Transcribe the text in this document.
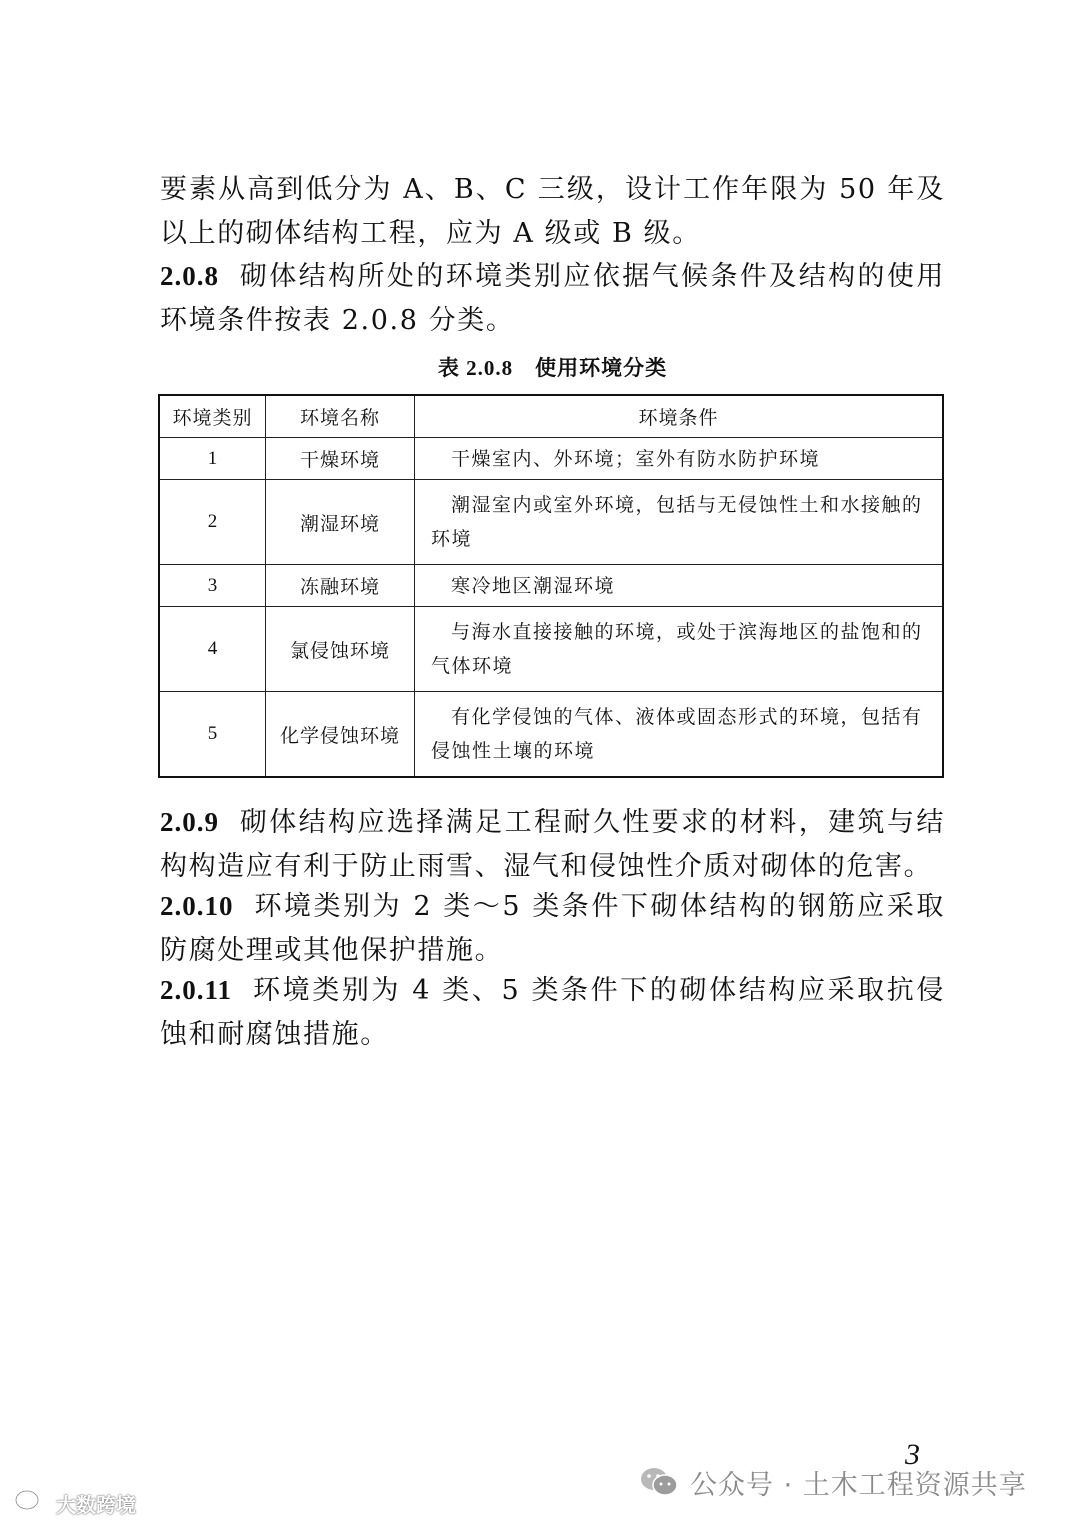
要素从高到低分为 A、B、C 三级，设计工作年限为 50 年及以上的砌体结构工程，应为 A 级或 B 级。

2.0.8 砌体结构所处的环境类别应依据气候条件及结构的使用环境条件按表 2.0.8 分类。

表 2.0.8 使用环境分类
环境类别	环境名称	环境条件
1	干燥环境	干燥室内、外环境；室外有防水防护环境
2	潮湿环境	潮湿室内或室外环境，包括与无侵蚀性土和水接触的环境
3	冻融环境	寒冷地区潮湿环境
4	氯侵蚀环境	与海水直接接触的环境，或处于滨海地区的盐饱和的气体环境
5	化学侵蚀环境	有化学侵蚀的气体、液体或固态形式的环境，包括有侵蚀性土壤的环境

2.0.9 砌体结构应选择满足工程耐久性要求的材料，建筑与结构构造应有利于防止雨雪、湿气和侵蚀性介质对砌体的危害。

2.0.10 环境类别为 2 类～5 类条件下砌体结构的钢筋应采取防腐处理或其他保护措施。

2.0.11 环境类别为 4 类、5 类条件下的砌体结构应采取抗侵蚀和耐腐蚀措施。

3
公众号 · 土木工程资源共享
大数跨境
